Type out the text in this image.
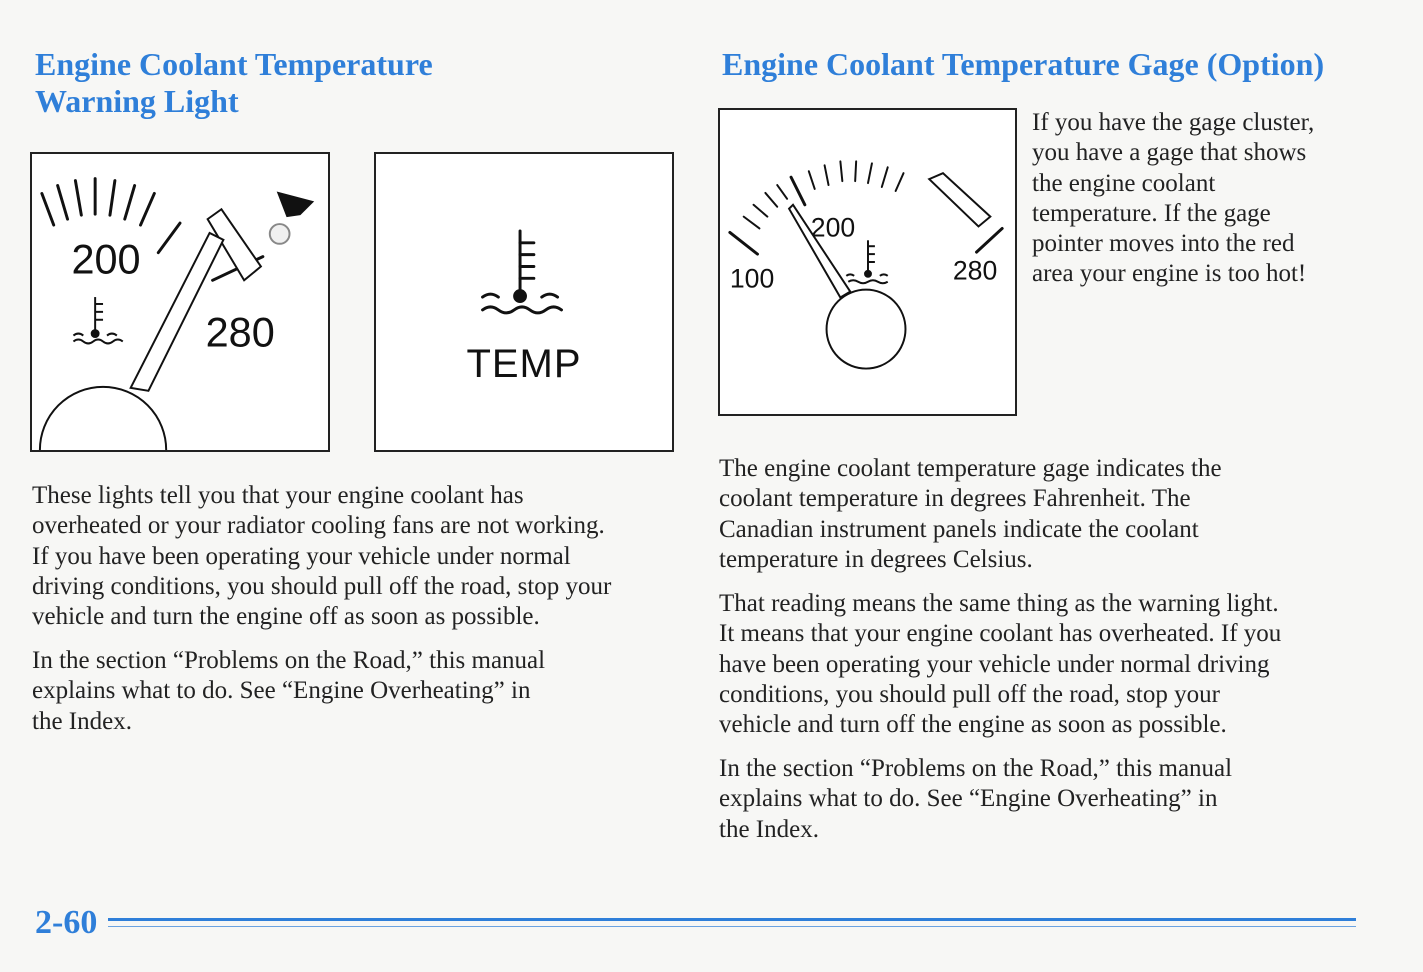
Engine Coolant Temperature
Warning Light
200
280
TEMP

These lights tell you that your engine coolant has
overheated or your radiator cooling fans are not working.
If you have been operating your vehicle under normal
driving conditions, you should pull off the road, stop your
vehicle and turn the engine off as soon as possible.

In the section “Problems on the Road,” this manual
explains what to do. See “Engine Overheating” in
the Index.

Engine Coolant Temperature Gage (Option)
100
200
280

If you have the gage cluster,
you have a gage that shows
the engine coolant
temperature. If the gage
pointer moves into the red
area your engine is too hot!

The engine coolant temperature gage indicates the
coolant temperature in degrees Fahrenheit. The
Canadian instrument panels indicate the coolant
temperature in degrees Celsius.

That reading means the same thing as the warning light.
It means that your engine coolant has overheated. If you
have been operating your vehicle under normal driving
conditions, you should pull off the road, stop your
vehicle and turn off the engine as soon as possible.

In the section “Problems on the Road,” this manual
explains what to do. See “Engine Overheating” in
the Index.

2-60
